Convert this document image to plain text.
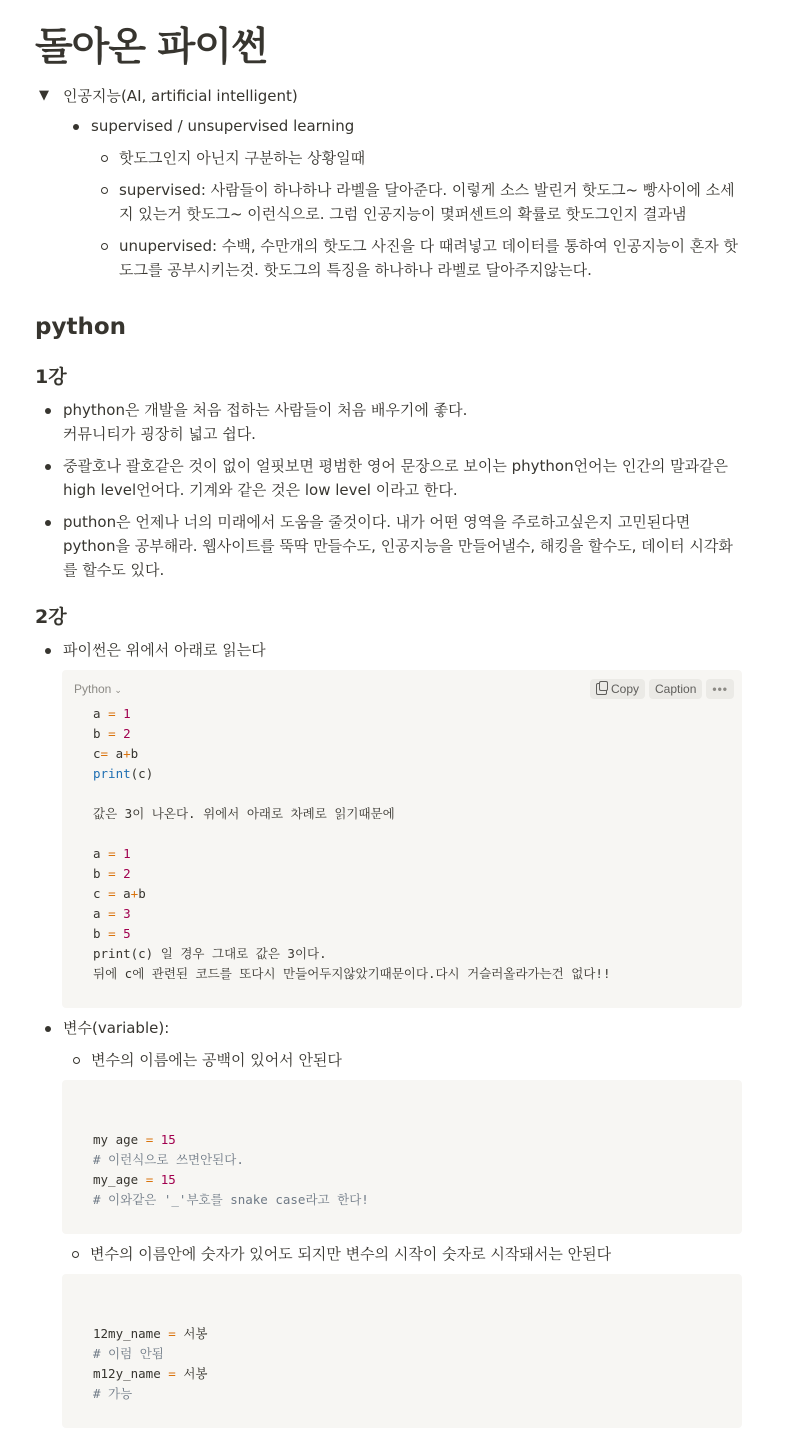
돌아온 파이썬
▼ 인공지능(AI, artificial intelligent)
supervised / unsupervised learning
핫도그인지 아닌지 구분하는 상황일때
supervised: 사람들이 하나하나 라벨을 달아준다. 이렇게 소스 발린거 핫도그~ 빵사이에 소세지 있는거 핫도그~ 이런식으로. 그럼 인공지능이 몇퍼센트의 확률로 핫도그인지 결과냄
unupervised: 수백, 수만개의 핫도그 사진을 다 때려넣고 데이터를 통하여 인공지능이 혼자 핫도그를 공부시키는것. 핫도그의 특징을 하나하나 라벨로 달아주지않는다.
python
1강
phython은 개발을 처음 접하는 사람들이 처음 배우기에 좋다.
커뮤니티가 굉장히 넓고 쉽다.
중괄호나 괄호같은 것이 없이 얼핏보면 평범한 영어 문장으로 보이는 phython언어는 인간의 말과같은 high level언어다. 기계와 같은 것은 low level 이라고 한다.
puthon은 언제나 너의 미래에서 도움을 줄것이다. 내가 어떤 영역을 주로하고싶은지 고민된다면 python을 공부해라. 웹사이트를 뚝딱 만들수도, 인공지능을 만들어낼수, 해킹을 할수도, 데이터 시각화를 할수도 있다.
2강
파이썬은 위에서 아래로 읽는다
Python ⌄	Copy Caption •••
a = 1
b = 2
c= a+b
print(c)

값은 3이 나온다. 위에서 아래로 차례로 읽기때문에

a = 1
b = 2
c = a+b
a = 3
b = 5
print(c) 일 경우 그대로 값은 3이다.
뒤에 c에 관련된 코드를 또다시 만들어두지않았기때문이다.다시 거슬러올라가는건 없다!!

변수(variable):
변수의 이름에는 공백이 있어서 안된다

my age = 15
# 이런식으로 쓰면안된다.
my_age = 15
# 이와같은 '_'부호를 snake case라고 한다!

변수의 이름안에 숫자가 있어도 되지만 변수의 시작이 숫자로 시작돼서는 안된다

12my_name = 서봉
# 이럼 안됨
m12y_name = 서봉
# 가능
